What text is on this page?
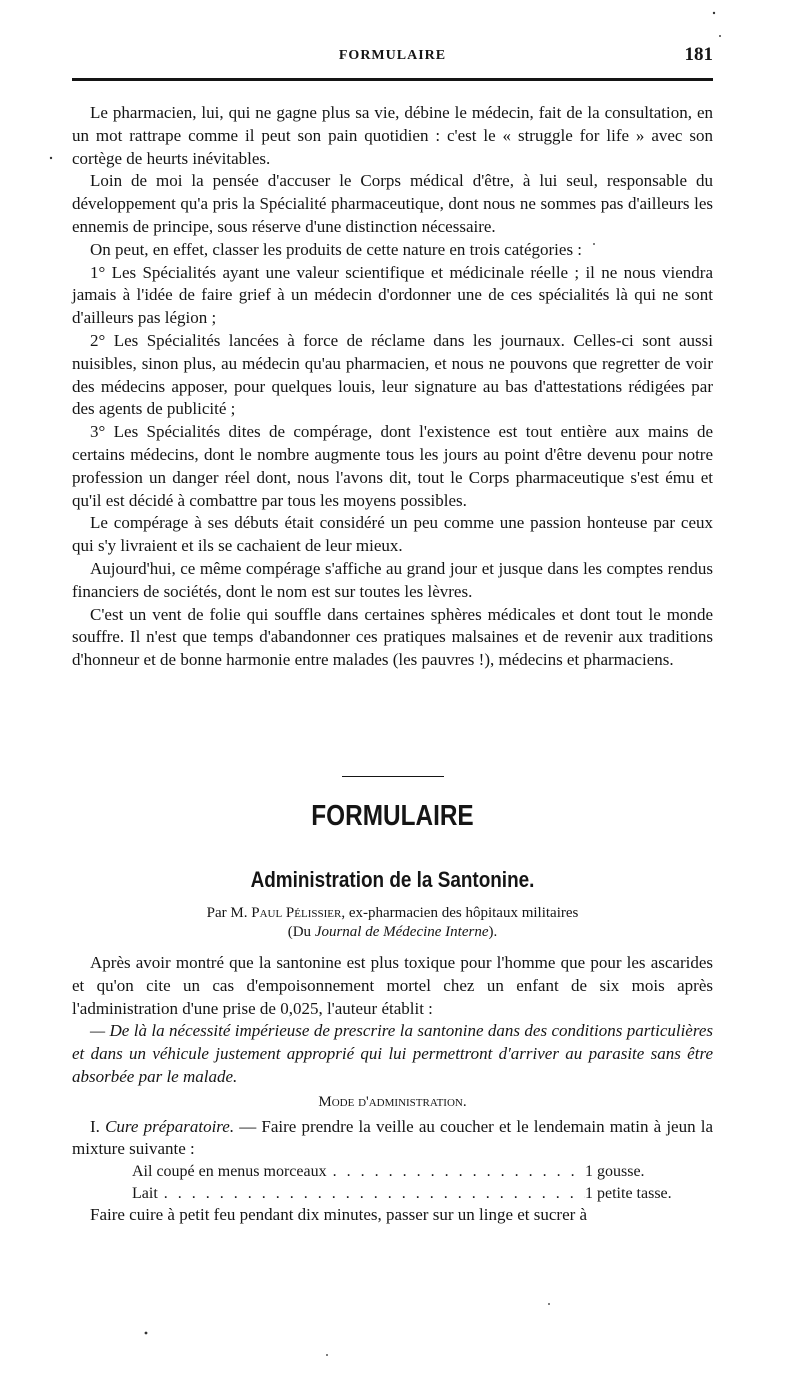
FORMULAIRE	181

Le pharmacien, lui, qui ne gagne plus sa vie, débine le médecin, fait de la consultation, en un mot rattrape comme il peut son pain quotidien : c'est le « struggle for life » avec son cortège de heurts inévitables.

Loin de moi la pensée d'accuser le Corps médical d'être, à lui seul, responsable du développement qu'a pris la Spécialité pharmaceutique, dont nous ne sommes pas d'ailleurs les ennemis de principe, sous réserve d'une distinction nécessaire.

On peut, en effet, classer les produits de cette nature en trois catégories :

1° Les Spécialités ayant une valeur scientifique et médicinale réelle ; il ne nous viendra jamais à l'idée de faire grief à un médecin d'ordonner une de ces spécialités là qui ne sont d'ailleurs pas légion ;

2° Les Spécialités lancées à force de réclame dans les journaux. Celles-ci sont aussi nuisibles, sinon plus, au médecin qu'au pharmacien, et nous ne pouvons que regretter de voir des médecins apposer, pour quelques louis, leur signature au bas d'attestations rédigées par des agents de publicité ;

3° Les Spécialités dites de compérage, dont l'existence est tout entière aux mains de certains médecins, dont le nombre augmente tous les jours au point d'être devenu pour notre profession un danger réel dont, nous l'avons dit, tout le Corps pharmaceutique s'est ému et qu'il est décidé à combattre par tous les moyens possibles.

Le compérage à ses débuts était considéré un peu comme une passion honteuse par ceux qui s'y livraient et ils se cachaient de leur mieux.

Aujourd'hui, ce même compérage s'affiche au grand jour et jusque dans les comptes rendus financiers de sociétés, dont le nom est sur toutes les lèvres.

C'est un vent de folie qui souffle dans certaines sphères médicales et dont tout le monde souffre. Il n'est que temps d'abandonner ces pratiques malsaines et de revenir aux traditions d'honneur et de bonne harmonie entre malades (les pauvres !), médecins et pharmaciens.

FORMULAIRE
Administration de la Santonine.
Par M. Paul Pélissier, ex-pharmacien des hôpitaux militaires
(Du Journal de Médecine Interne).

Après avoir montré que la santonine est plus toxique pour l'homme que pour les ascarides et qu'on cite un cas d'empoisonnement mortel chez un enfant de six mois après l'administration d'une prise de 0,025, l'auteur établit :

— De là la nécessité impérieuse de prescrire la santonine dans des conditions particulières et dans un véhicule justement approprié qui lui permettront d'arriver au parasite sans être absorbée par le malade.

Mode d'administration.

I. Cure préparatoire. — Faire prendre la veille au coucher et le lendemain matin à jeun la mixture suivante :

Ail coupé en menus morceaux . . .	1 gousse.
Lait . . .	1 petite tasse.

Faire cuire à petit feu pendant dix minutes, passer sur un linge et sucrer à
